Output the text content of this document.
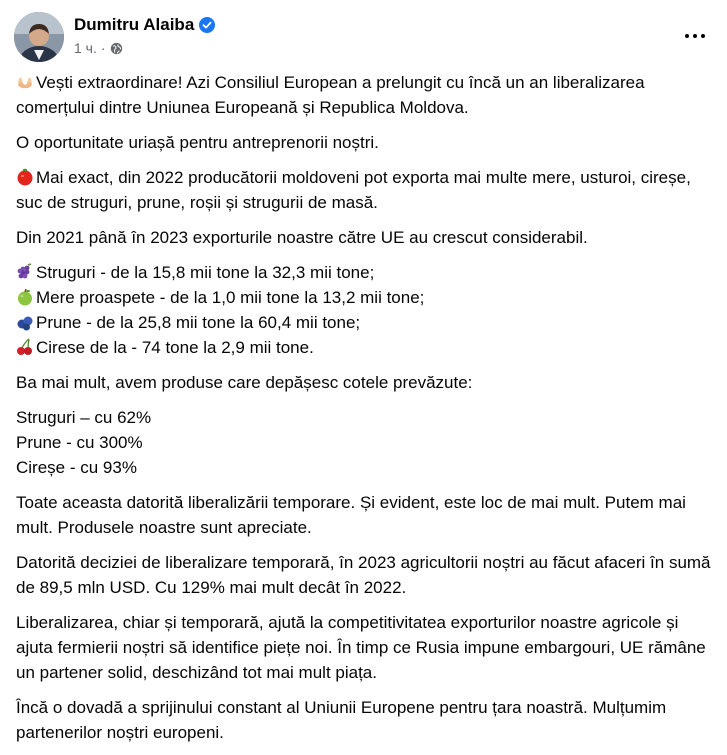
Dumitru Alaiba
1 ч. ·

Vești extraordinare! Azi Consiliul European a prelungit cu încă un an liberalizarea comerțului dintre Uniunea Europeană și Republica Moldova.

O oportunitate uriașă pentru antreprenorii noștri.

Mai exact, din 2022 producătorii moldoveni pot exporta mai multe mere, usturoi, cireșe, suc de struguri, prune, roșii și strugurii de masă.

Din 2021 până în 2023 exporturile noastre către UE au crescut considerabil.

Struguri - de la 15,8 mii tone la 32,3 mii tone;
Mere proaspete - de la 1,0 mii tone la 13,2 mii tone;
Prune - de la 25,8 mii tone la 60,4 mii tone;
Cirese de la - 74 tone la 2,9 mii tone.

Ba mai mult, avem produse care depășesc cotele prevăzute:

Struguri – cu 62%
Prune - cu 300%
Cireșe - cu 93%

Toate aceasta datorită liberalizării temporare. Și evident, este loc de mai mult. Putem mai mult. Produsele noastre sunt apreciate.

Datorită deciziei de liberalizare temporară, în 2023 agricultorii noștri au făcut afaceri în sumă de 89,5 mln USD. Cu 129% mai mult decât în 2022.

Liberalizarea, chiar și temporară, ajută la competitivitatea exporturilor noastre agricole și ajuta fermierii noștri să identifice piețe noi. În timp ce Rusia impune embargouri, UE rămâne un partener solid, deschizând tot mai mult piața.

Încă o dovadă a sprijinului constant al Uniunii Europene pentru țara noastră. Mulțumim partenerilor noștri europeni.
